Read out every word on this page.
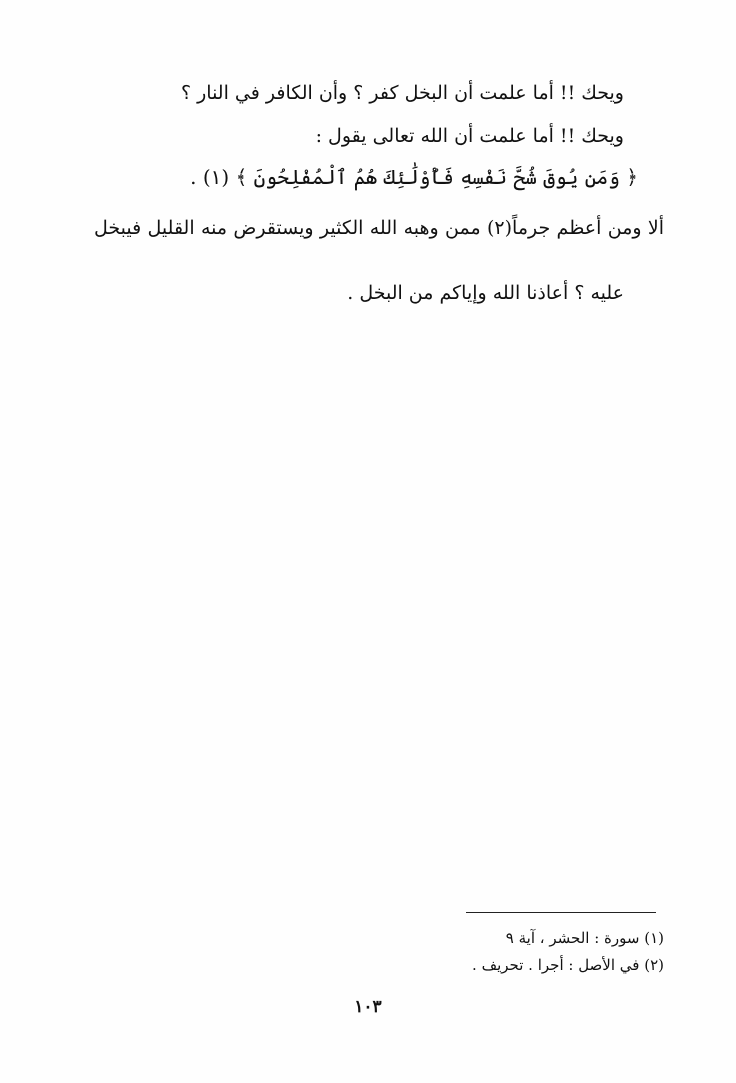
ويحك !! أما علمت أن البخل كفر ؟ وأن الكافر في النار ؟
ويحك !! أما علمت أن الله تعالى يقول :
﴿ وَمَن يُوقَ شُحَّ نَفْسِهِ فَأُوْلَٰئِكَ هُمُ ٱلْمُفْلِحُونَ ﴾ (١) .
ألا ومن أعظم جرماً(٢) ممن وهبه الله الكثير ويستقرض منه القليل فيبخل
عليه ؟ أعاذنا الله وإياكم من البخل .
(١) سورة : الحشر ، آية ٩
(٢) في الأصل : أجرا . تحريف .
١٠٣
